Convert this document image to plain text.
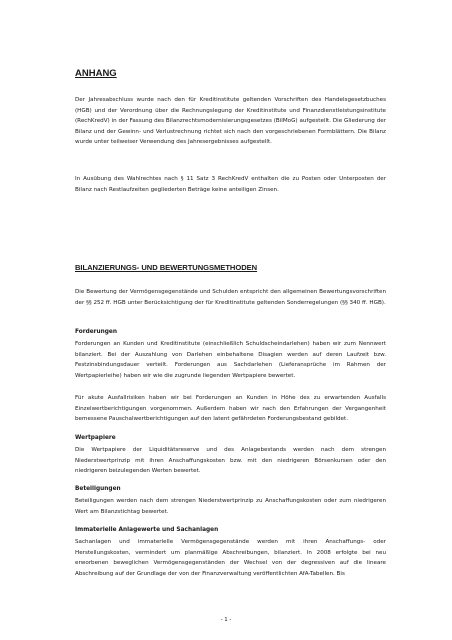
ANHANG

Der Jahresabschluss wurde nach den für Kreditinstitute geltenden Vorschriften des Handelsgesetzbuches (HGB) und der Verordnung über die Rechnungslegung der Kreditinstitute und Finanzdienstleistungsinstitute (RechKredV) in der Fassung des Bilanzrechtsmodernisierungsgesetzes (BilMoG) aufgestellt. Die Gliederung der Bilanz und der Gewinn- und Verlustrechnung richtet sich nach den vorgeschriebenen Formblättern. Die Bilanz wurde unter teilweiser Verwendung des Jahresergebnisses aufgestellt.

In Ausübung des Wahlrechtes nach § 11 Satz 3 RechKredV enthalten die zu Posten oder Unterposten der Bilanz nach Restlaufzeiten gegliederten Beträge keine anteiligen Zinsen.

BILANZIERUNGS- UND BEWERTUNGSMETHODEN

Die Bewertung der Vermögensgegenstände und Schulden entspricht den allgemeinen Bewertungsvorschriften der §§ 252 ff. HGB unter Berücksichtigung der für Kreditinstitute geltenden Sonderregelungen (§§ 340 ff. HGB).

Forderungen

Forderungen an Kunden und Kreditinstitute (einschließlich Schuldscheindarlehen) haben wir zum Nennwert bilanziert. Bei der Auszahlung von Darlehen einbehaltene Disagien werden auf deren Laufzeit bzw. Festzinsbindungsdauer verteilt. Forderungen aus Sachdarlehen (Lieferansprüche im Rahmen der Wertpapierleihe) haben wir wie die zugrunde liegenden Wertpapiere bewertet.

Für akute Ausfallrisiken haben wir bei Forderungen an Kunden in Höhe des zu erwartenden Ausfalls Einzelwertberichtigungen vorgenommen. Außerdem haben wir nach den Erfahrungen der Vergangenheit bemessene Pauschalwertberichtigungen auf den latent gefährdeten Forderungsbestand gebildet.

Wertpapiere

Die Wertpapiere der Liquiditätsreserve und des Anlagebestands werden nach dem strengen Niederstwertprinzip mit ihren Anschaffungskosten bzw. mit den niedrigeren Börsenkursen oder den niedrigeren beizulegenden Werten bewertet.

Beteiligungen

Beteiligungen werden nach dem strengen Niederstwertprinzip zu Anschaffungskosten oder zum niedrigeren Wert am Bilanzstichtag bewertet.

Immaterielle Anlagewerte und Sachanlagen

Sachanlagen und immaterielle Vermögensgegenstände werden mit ihren Anschaffungs- oder Herstellungskosten, vermindert um planmäßige Abschreibungen, bilanziert. In 2008 erfolgte bei neu erworbenen beweglichen Vermögensgegenständen der Wechsel von der degressiven auf die lineare Abschreibung auf der Grundlage der von der Finanzverwaltung veröffentlichten AfA-Tabellen. Bis

- 1 -
